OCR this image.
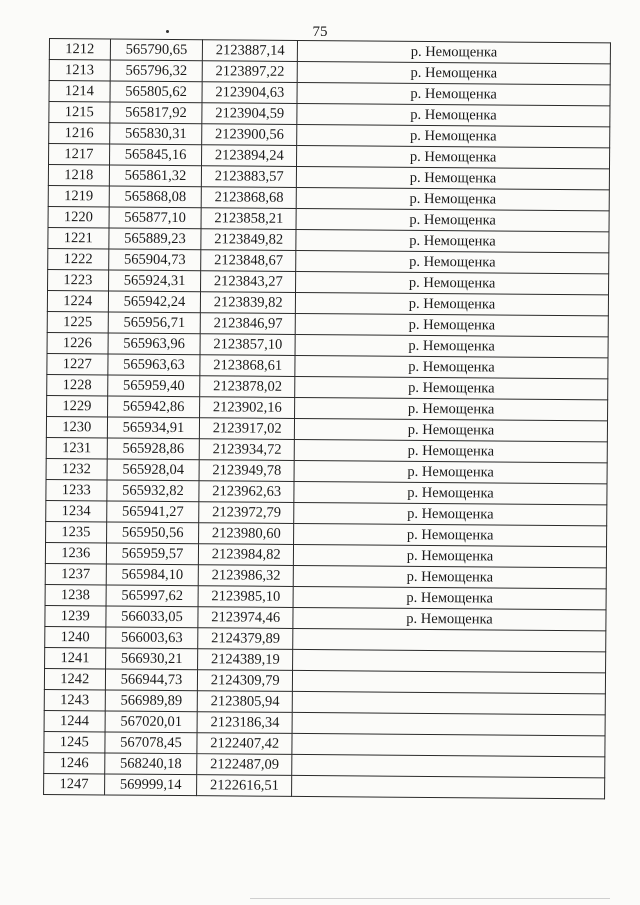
75
1212	565790,65	2123887,14	р. Немощенка
1213	565796,32	2123897,22	р. Немощенка
1214	565805,62	2123904,63	р. Немощенка
1215	565817,92	2123904,59	р. Немощенка
1216	565830,31	2123900,56	р. Немощенка
1217	565845,16	2123894,24	р. Немощенка
1218	565861,32	2123883,57	р. Немощенка
1219	565868,08	2123868,68	р. Немощенка
1220	565877,10	2123858,21	р. Немощенка
1221	565889,23	2123849,82	р. Немощенка
1222	565904,73	2123848,67	р. Немощенка
1223	565924,31	2123843,27	р. Немощенка
1224	565942,24	2123839,82	р. Немощенка
1225	565956,71	2123846,97	р. Немощенка
1226	565963,96	2123857,10	р. Немощенка
1227	565963,63	2123868,61	р. Немощенка
1228	565959,40	2123878,02	р. Немощенка
1229	565942,86	2123902,16	р. Немощенка
1230	565934,91	2123917,02	р. Немощенка
1231	565928,86	2123934,72	р. Немощенка
1232	565928,04	2123949,78	р. Немощенка
1233	565932,82	2123962,63	р. Немощенка
1234	565941,27	2123972,79	р. Немощенка
1235	565950,56	2123980,60	р. Немощенка
1236	565959,57	2123984,82	р. Немощенка
1237	565984,10	2123986,32	р. Немощенка
1238	565997,62	2123985,10	р. Немощенка
1239	566033,05	2123974,46	р. Немощенка
1240	566003,63	2124379,89	
1241	566930,21	2124389,19	
1242	566944,73	2124309,79	
1243	566989,89	2123805,94	
1244	567020,01	2123186,34	
1245	567078,45	2122407,42	
1246	568240,18	2122487,09	
1247	569999,14	2122616,51	
